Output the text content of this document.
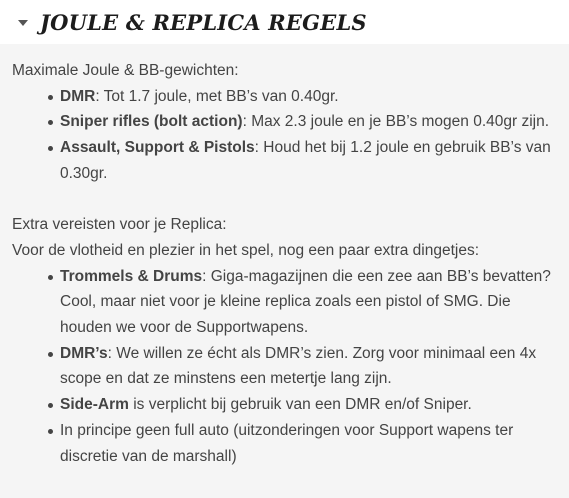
JOULE & REPLICA REGELS

Maximale Joule & BB-gewichten:

DMR: Tot 1.7 joule, met BB’s van 0.40gr.
Sniper rifles (bolt action): Max 2.3 joule en je BB’s mogen 0.40gr zijn.
Assault, Support & Pistols: Houd het bij 1.2 joule en gebruik BB’s van 0.30gr.

Extra vereisten voor je Replica:

Voor de vlotheid en plezier in het spel, nog een paar extra dingetjes:

Trommels & Drums: Giga-magazijnen die een zee aan BB’s bevatten? Cool, maar niet voor je kleine replica zoals een pistol of SMG. Die houden we voor de Supportwapens.
DMR’s: We willen ze écht als DMR’s zien. Zorg voor minimaal een 4x scope en dat ze minstens een metertje lang zijn.
Side-Arm is verplicht bij gebruik van een DMR en/of Sniper.
In principe geen full auto (uitzonderingen voor Support wapens ter discretie van de marshall)
